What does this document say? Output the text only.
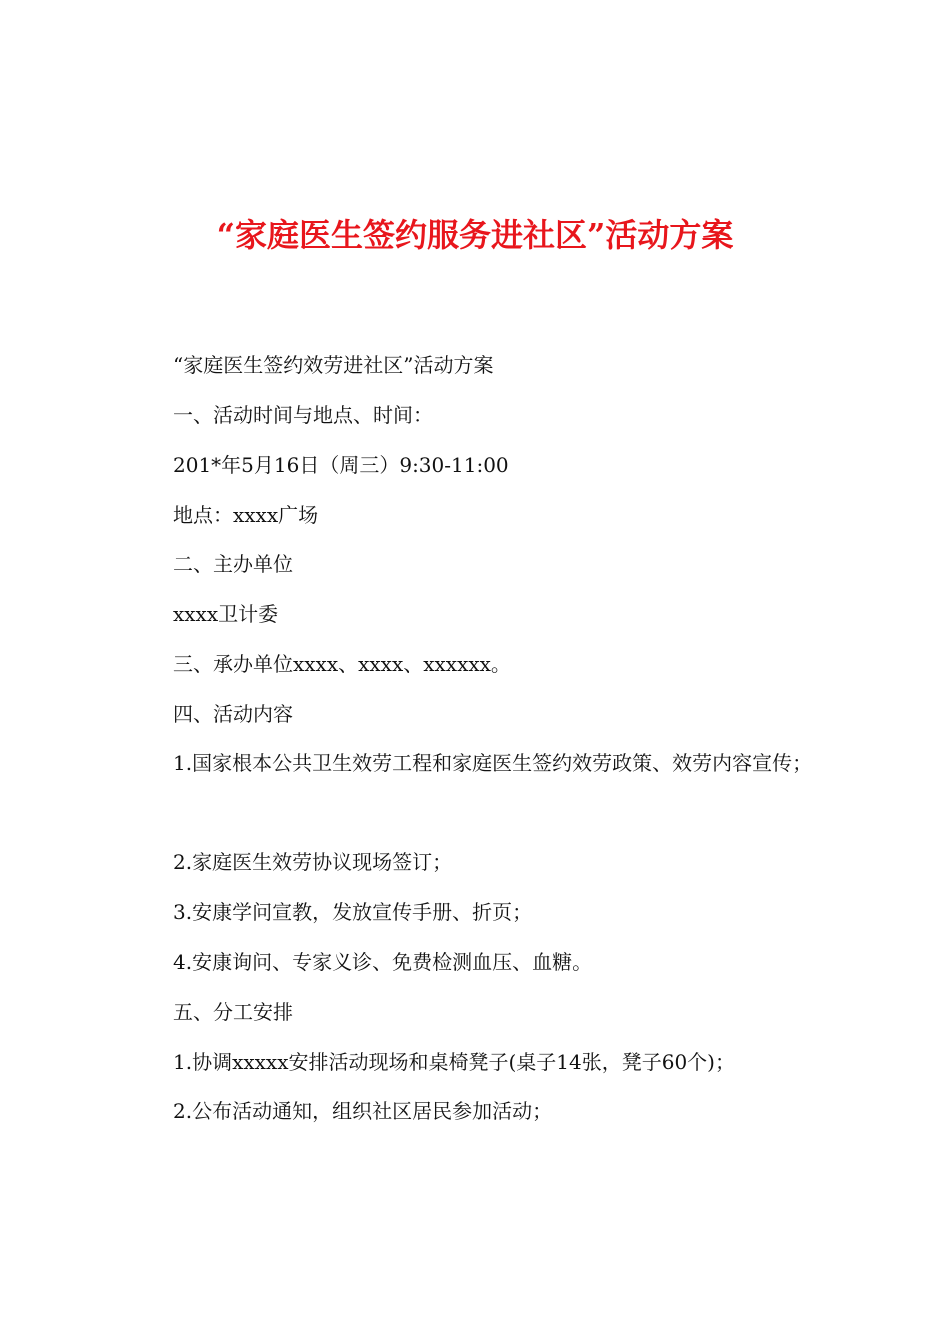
“家庭医生签约服务进社区”活动方案
“家庭医生签约效劳进社区”活动方案
一、活动时间与地点、时间：
201*年5月16日（周三）9:30-11:00
地点：xxxx广场
二、主办单位
xxxx卫计委
三、承办单位xxxx、xxxx、xxxxxx。
四、活动内容
1.国家根本公共卫生效劳工程和家庭医生签约效劳政策、效劳内容宣传；
2.家庭医生效劳协议现场签订；
3.安康学问宣教，发放宣传手册、折页；
4.安康询问、专家义诊、免费检测血压、血糖。
五、分工安排
1.协调xxxxx安排活动现场和桌椅凳子(桌子14张，凳子60个)；
2.公布活动通知，组织社区居民参加活动；
